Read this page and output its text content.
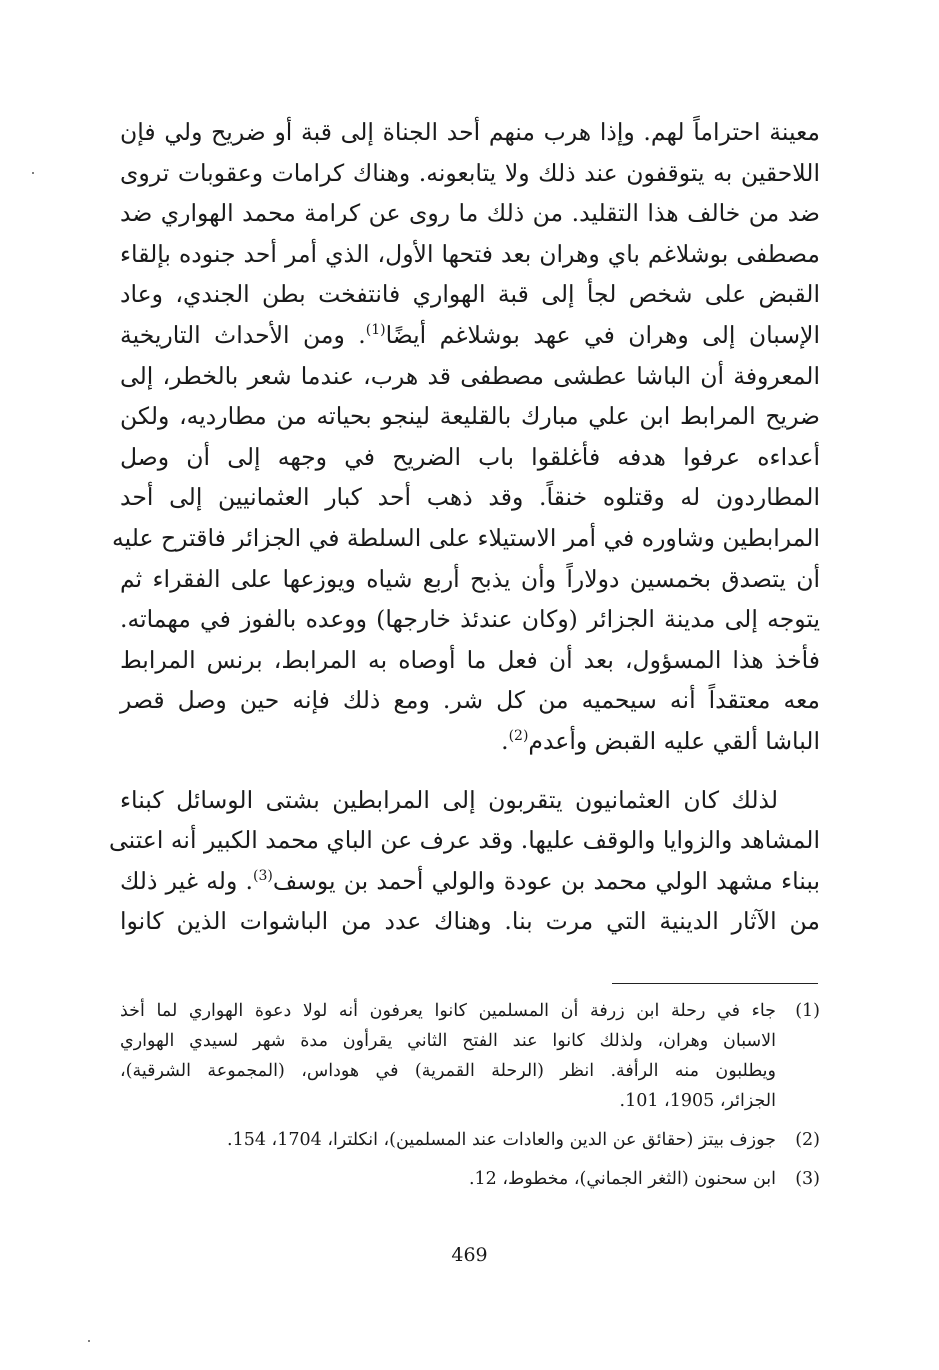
معينة احتراماً لهم. وإذا هرب منهم أحد الجناة إلى قبة أو ضريح ولي فإن
اللاحقين به يتوقفون عند ذلك ولا يتابعونه. وهناك كرامات وعقوبات تروى
ضد من خالف هذا التقليد. من ذلك ما روى عن كرامة محمد الهواري ضد
مصطفى بوشلاغم باي وهران بعد فتحها الأول، الذي أمر أحد جنوده بإلقاء
القبض على شخص لجأ إلى قبة الهواري فانتفخت بطن الجندي، وعاد
الإسبان إلى وهران في عهد بوشلاغم أيضًا$^{(1)}$. ومن الأحداث التاريخية
المعروفة أن الباشا عطشى مصطفى قد هرب، عندما شعر بالخطر، إلى
ضريح المرابط ابن علي مبارك بالقليعة لينجو بحياته من مطارديه، ولكن
أعداءه عرفوا هدفه فأغلقوا باب الضريح في وجهه إلى أن وصل
المطاردون له وقتلوه خنقاً. وقد ذهب أحد كبار العثمانيين إلى أحد
المرابطين وشاوره في أمر الاستيلاء على السلطة في الجزائر فاقترح عليه
أن يتصدق بخمسين دولاراً وأن يذبح أربع شياه ويوزعها على الفقراء ثم
يتوجه إلى مدينة الجزائر (وكان عندئذ خارجها) ووعده بالفوز في مهماته.
فأخذ هذا المسؤول، بعد أن فعل ما أوصاه به المرابط، برنس المرابط
معه معتقداً أنه سيحميه من كل شر. ومع ذلك فإنه حين وصل قصر
الباشا ألقي عليه القبض وأعدم$^{(2)}$.
لذلك كان العثمانيون يتقربون إلى المرابطين بشتى الوسائل كبناء
المشاهد والزوايا والوقف عليها. وقد عرف عن الباي محمد الكبير أنه اعتنى
ببناء مشهد الولي محمد بن عودة والولي أحمد بن يوسف$^{(3)}$. وله غير ذلك
من الآثار الدينية التي مرت بنا. وهناك عدد من الباشوات الذين كانوا
(1)
جاء في رحلة ابن زرفة أن المسلمين كانوا يعرفون أنه لولا دعوة الهواري لما أخذ
الاسبان وهران، ولذلك كانوا عند الفتح الثاني يقرأون مدة شهر لسيدي الهواري
ويطلبون منه الرأفة. انظر (الرحلة القمرية) في هوداس، (المجموعة الشرقية)،
الجزائر، 1905، 101.
(2)
جوزف بيتز (حقائق عن الدين والعادات عند المسلمين)، انكلترا، 1704، 154.
(3)
ابن سحنون (الثغر الجماني)، مخطوط، 12.
469
